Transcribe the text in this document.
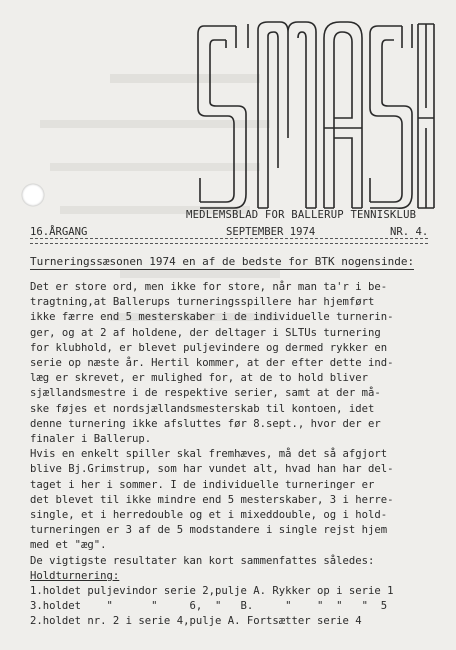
MEDLEMSBLAD FOR BALLERUP TENNISKLUB
16.ÅRGANG	SEPTEMBER 1974	NR. 4.
Turneringssæsonen 1974 en af de bedste for BTK nogensinde:

Det er store ord, men ikke for store, når man ta'r i be-

tragtning,at Ballerups turneringsspillere har hjemført

ikke færre end 5 mesterskaber i de individuelle turnerin-

ger, og at 2 af holdene, der deltager i SLTUs turnering

for klubhold, er blevet puljevindere og dermed rykker en

serie op næste år. Hertil kommer, at der efter dette ind-

læg er skrevet, er mulighed for, at de to hold bliver

sjællandsmestre i de respektive serier, samt at der må-

ske føjes et nordsjællandsmesterskab til kontoen, idet

denne turnering ikke afsluttes før 8.sept., hvor der er

finaler i Ballerup.

Hvis en enkelt spiller skal fremhæves, må det så afgjort

blive Bj.Grimstrup, som har vundet alt, hvad han har del-

taget i her i sommer. I de individuelle turneringer er

det blevet til ikke mindre end 5 mesterskaber, 3 i herre-

single, et i herredouble og et i mixeddouble, og i hold-

turneringen er 3 af de 5 modstandere i single rejst hjem

med et "æg".

De vigtigste resultater kan kort sammenfattes således:

Holdturnering:

1.holdet puljevindor serie 2,pulje A. Rykker op i serie 1

3.holdet    "      "     6,  "   B.     "    "  "   "  5

2.holdet nr. 2 i serie 4,pulje A. Fortsætter serie 4
